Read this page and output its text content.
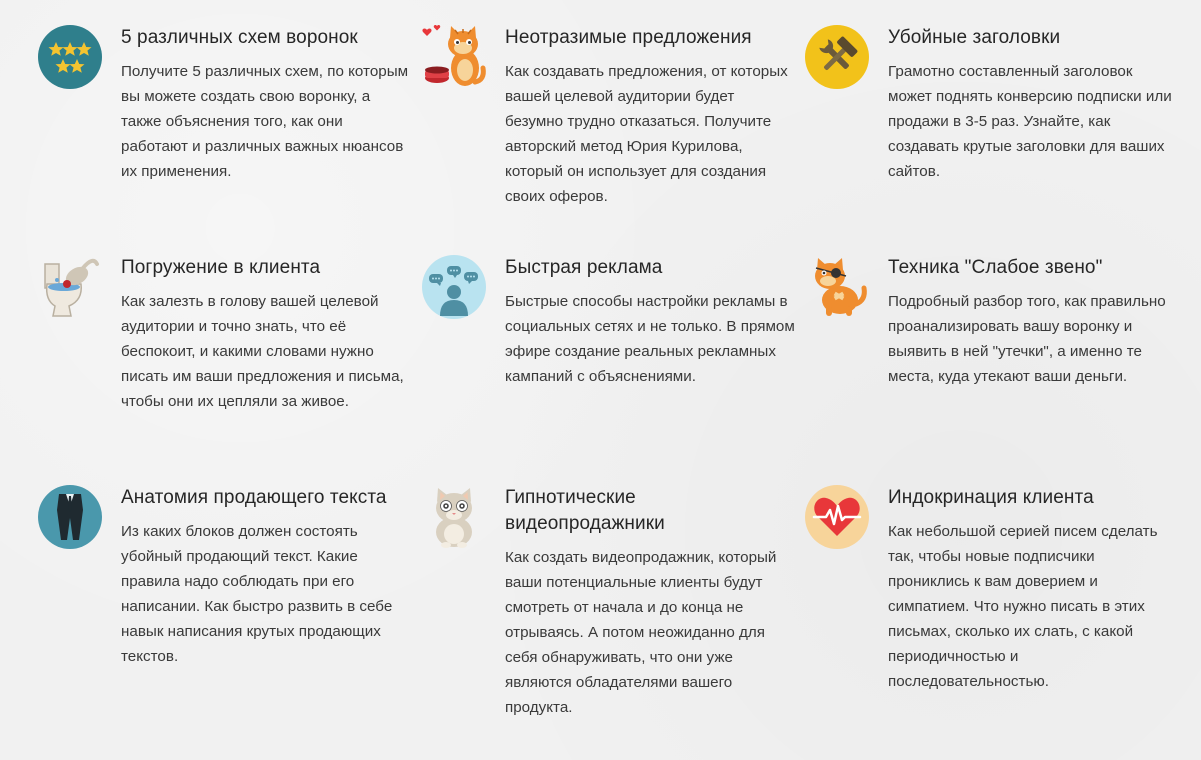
5 различных схем воронок

Получите 5 различных схем, по которым вы можете создать свою воронку, а также объяснения того, как они работают и различных важных нюансов их применения.

Неотразимые предложения

Как создавать предложения, от которых вашей целевой аудитории будет безумно трудно отказаться. Получите авторский метод Юрия Курилова, который он использует для создания своих оферов.

Убойные заголовки

Грамотно составленный заголовок может поднять конверсию подписки или продажи в 3-5 раз. Узнайте, как создавать крутые заголовки для ваших сайтов.

Погружение в клиента

Как залезть в голову вашей целевой аудитории и точно знать, что её беспокоит, и какими словами нужно писать им ваши предложения и письма, чтобы они их цепляли за живое.

Быстрая реклама

Быстрые способы настройки рекламы в социальных сетях и не только. В прямом эфире создание реальных рекламных кампаний с объяснениями.

Техника "Слабое звено"

Подробный разбор того, как правильно проанализировать вашу воронку и выявить в ней "утечки", а именно те места, куда утекают ваши деньги.

Анатомия продающего текста

Из каких блоков должен состоять убойный продающий текст. Какие правила надо соблюдать при его написании. Как быстро развить в себе навык написания крутых продающих текстов.

Гипнотические видеопродажники

Как создать видеопродажник, который ваши потенциальные клиенты будут смотреть от начала и до конца не отрываясь. А потом неожиданно для себя обнаруживать, что они уже являются обладателями вашего продукта.

Индокринация клиента

Как небольшой серией писем сделать так, чтобы новые подписчики прониклись к вам доверием и симпатием. Что нужно писать в этих письмах, сколько их слать, с какой периодичностью и последовательностью.
